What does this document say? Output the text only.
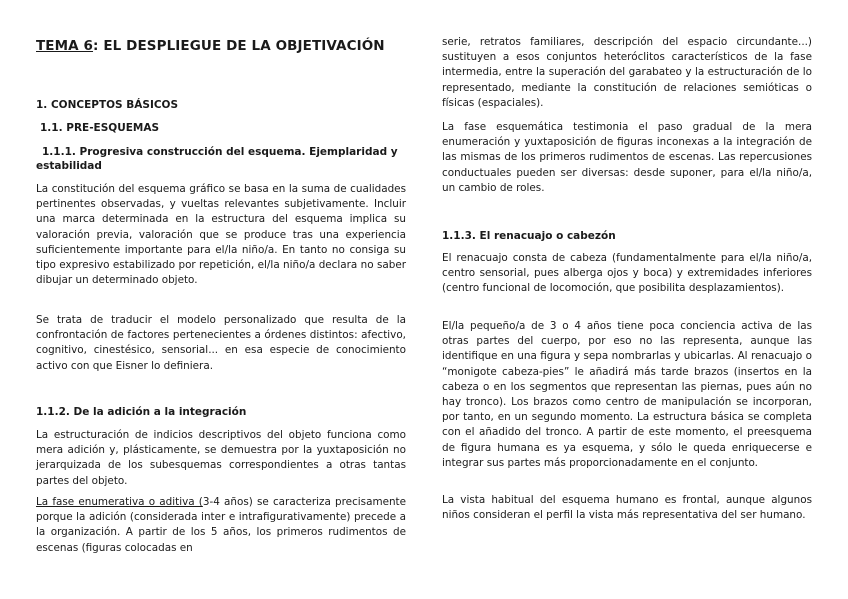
TEMA 6: EL DESPLIEGUE DE LA OBJETIVACIÓN
1. CONCEPTOS BÁSICOS
1.1. PRE-ESQUEMAS
1.1.1. Progresiva construcción del esquema. Ejemplaridad y estabilidad
La constitución del esquema gráfico se basa en la suma de cualidades pertinentes observadas, y vueltas relevantes subjetivamente. Incluir una marca determinada en la estructura del esquema implica su valoración previa, valoración que se produce tras una experiencia suficientemente importante para el/la niño/a. En tanto no consiga su tipo expresivo estabilizado por repetición, el/la niño/a declara no saber dibujar un determinado objeto.
Se trata de traducir el modelo personalizado que resulta de la confrontación de factores pertenecientes a órdenes distintos: afectivo, cognitivo, cinestésico, sensorial... en esa especie de conocimiento activo con que Eisner lo definiera.
1.1.2. De la adición a la integración
La estructuración de indicios descriptivos del objeto funciona como mera adición y, plásticamente, se demuestra por la yuxtaposición no jerarquizada de los subesquemas correspondientes a otras tantas partes del objeto.
La fase enumerativa o aditiva (3-4 años) se caracteriza precisamente porque la adición (considerada inter e intrafigurativamente) precede a la organización. A partir de los 5 años, los primeros rudimentos de escenas (figuras colocadas en
serie, retratos familiares, descripción del espacio circundante...) sustituyen a esos conjuntos heteróclitos característicos de la fase intermedia, entre la superación del garabateo y la estructuración de lo representado, mediante la constitución de relaciones semióticas o físicas (espaciales).
La fase esquemática testimonia el paso gradual de la mera enumeración y yuxtaposición de figuras inconexas a la integración de las mismas de los primeros rudimentos de escenas. Las repercusiones conductuales pueden ser diversas: desde suponer, para el/la niño/a, un cambio de roles.
1.1.3. El renacuajo o cabezón
El renacuajo consta de cabeza (fundamentalmente para el/la niño/a, centro sensorial, pues alberga ojos y boca) y extremidades inferiores (centro funcional de locomoción, que posibilita desplazamientos).
El/la pequeño/a de 3 o 4 años tiene poca conciencia activa de las otras partes del cuerpo, por eso no las representa, aunque las identifique en una figura y sepa nombrarlas y ubicarlas. Al renacuajo o “monigote cabeza-pies” le añadirá más tarde brazos (insertos en la cabeza o en los segmentos que representan las piernas, pues aún no hay tronco). Los brazos como centro de manipulación se incorporan, por tanto, en un segundo momento. La estructura básica se completa con el añadido del tronco. A partir de este momento, el preesquema de figura humana es ya esquema, y sólo le queda enriquecerse e integrar sus partes más proporcionadamente en el conjunto.
La vista habitual del esquema humano es frontal, aunque algunos niños consideran el perfil la vista más representativa del ser humano.
